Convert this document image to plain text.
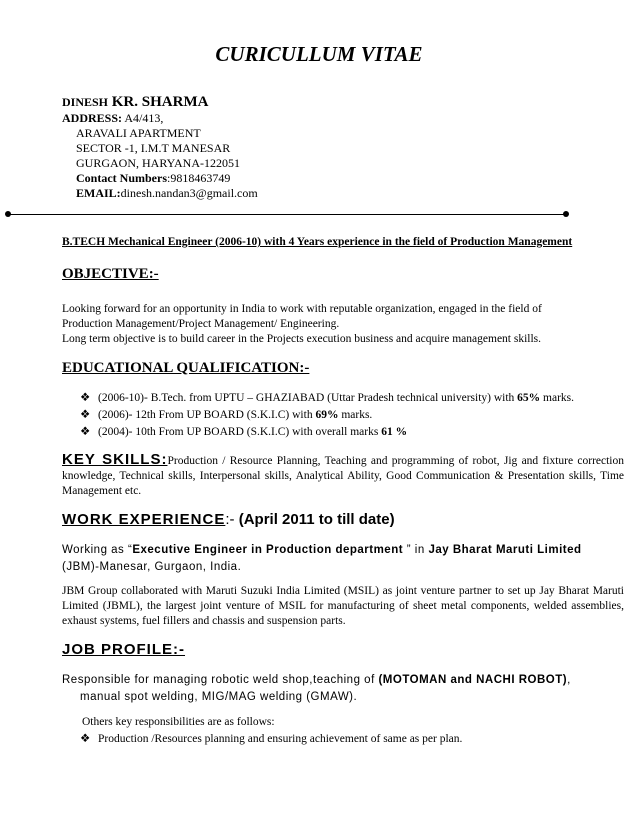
CURICULLUM VITAE
DINESH KR. SHARMA
ADDRESS: A4/413,
ARAVALI APARTMENT
SECTOR -1, I.M.T MANESAR
GURGAON, HARYANA-122051
Contact Numbers:9818463749
EMAIL:dinesh.nandan3@gmail.com
B.TECH Mechanical Engineer (2006-10) with 4 Years experience in the field of Production Management
OBJECTIVE:-
Looking forward for an opportunity in India to work with reputable organization, engaged in the field of
Production Management/Project Management/ Engineering.
Long term objective is to build career in the Projects execution business and acquire management skills.
EDUCATIONAL QUALIFICATION:-
❖ (2006-10)- B.Tech. from UPTU – GHAZIABAD (Uttar Pradesh technical university) with 65% marks.
❖ (2006)- 12th From UP BOARD (S.K.I.C) with 69% marks.
❖ (2004)- 10th From UP BOARD (S.K.I.C) with overall marks 61 %
KEY SKILLS:Production / Resource Planning, Teaching and programming of robot, Jig and fixture correction knowledge, Technical skills, Interpersonal skills, Analytical Ability, Good Communication & Presentation skills, Time Management etc.
WORK EXPERIENCE:- (April 2011 to till date)
Working as “Executive Engineer in Production department ” in Jay Bharat Maruti Limited
(JBM)-Manesar, Gurgaon, India.
JBM Group collaborated with Maruti Suzuki India Limited (MSIL) as joint venture partner to set up Jay Bharat Maruti Limited (JBML), the largest joint venture of MSIL for manufacturing of sheet metal components, welded assemblies, exhaust systems, fuel fillers and chassis and suspension parts.
JOB PROFILE:-
Responsible for managing robotic weld shop,teaching of (MOTOMAN and NACHI ROBOT),
manual spot welding, MIG/MAG welding (GMAW).
Others key responsibilities are as follows:
❖ Production /Resources planning and ensuring achievement of same as per plan.
